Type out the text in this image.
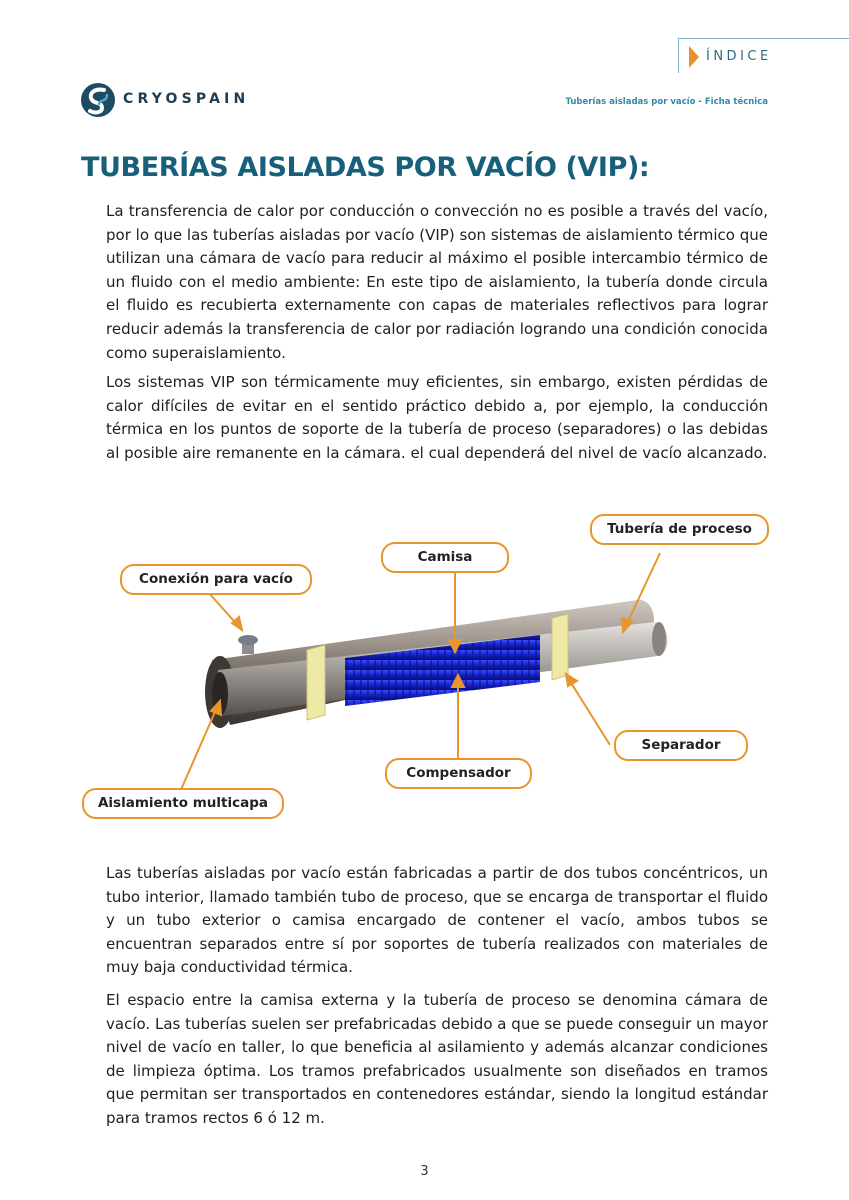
ÍNDICE
CRYOSPAIN	Tuberías aisladas por vacío - Ficha técnica
TUBERÍAS AISLADAS POR VACÍO (VIP):

La transferencia de calor por conducción o convección no es posible a través del vacío, por lo que las tuberías aisladas por vacío (VIP) son sistemas de aislamiento térmico que utilizan una cámara de vacío para reducir al máximo el posible intercambio térmico de un fluido con el medio ambiente: En este tipo de aislamiento, la tubería donde circula el fluido es recubierta externamente con capas de materiales reflectivos para lograr reducir además la transferencia de calor por radiación logrando una condición conocida como superaislamiento.

Los sistemas VIP son térmicamente muy eficientes, sin embargo, existen pérdidas de calor difíciles de evitar en el sentido práctico debido a, por ejemplo, la conducción térmica en los puntos de soporte de la tubería de proceso (separadores) o las debidas al posible aire remanente en la cámara. el cual dependerá del nivel de vacío alcanzado.

Tubería de proceso
Camisa
Conexión para vacío
Separador
Compensador
Aislamiento multicapa

Las tuberías aisladas por vacío están fabricadas a partir de dos tubos concéntricos, un tubo interior, llamado también tubo de proceso, que se encarga de transportar el fluido y un tubo exterior o camisa encargado de contener el vacío, ambos tubos se encuentran separados entre sí por soportes de tubería realizados con materiales de muy baja conductividad térmica.

El espacio entre la camisa externa y la tubería de proceso se denomina cámara de vacío. Las tuberías suelen ser prefabricadas debido a que se puede conseguir un mayor nivel de vacío en taller, lo que beneficia al asilamiento y además alcanzar condiciones de limpieza óptima. Los tramos prefabricados usualmente son diseñados en tramos que permitan ser transportados en contenedores estándar, siendo la longitud estándar para tramos rectos 6 ó 12 m.

3
